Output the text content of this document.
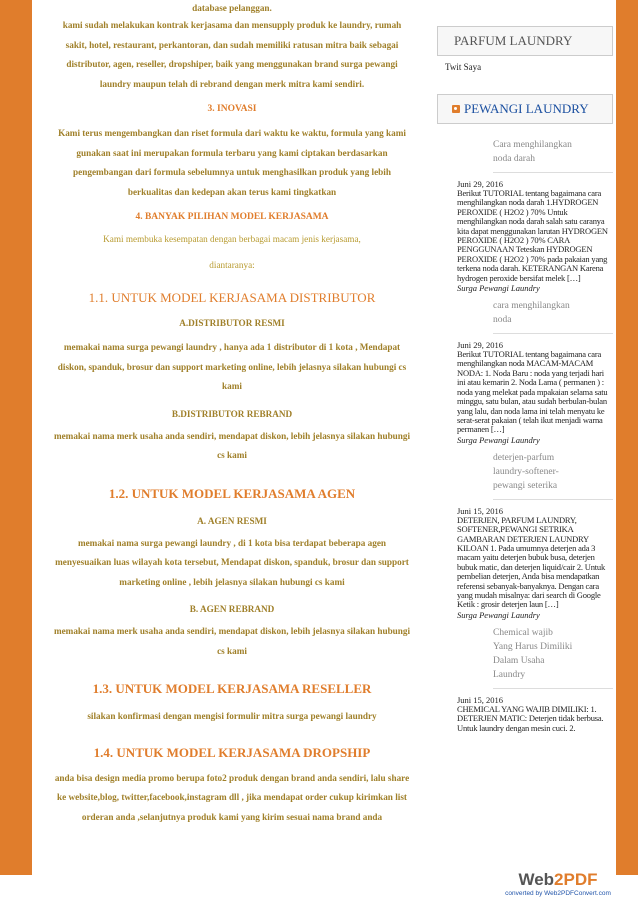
database pelanggan.

kami sudah melakukan kontrak kerjasama dan mensupply produk ke laundry, rumah sakit, hotel, restaurant, perkantoran, dan sudah memiliki ratusan mitra baik sebagai distributor, agen, reseller, dropshiper, baik yang menggunakan brand surga pewangi laundry maupun telah di rebrand dengan merk mitra kami sendiri.

3. INOVASI

Kami terus mengembangkan dan riset formula dari waktu ke waktu, formula yang kami gunakan saat ini merupakan formula terbaru yang kami ciptakan berdasarkan pengembangan dari formula sebelumnya untuk menghasilkan produk yang lebih berkualitas dan kedepan akan terus kami tingkatkan

4. BANYAK PILIHAN MODEL KERJASAMA

Kami membuka kesempatan dengan berbagai macam jenis kerjasama,

diantaranya:

1.1. UNTUK MODEL KERJASAMA DISTRIBUTOR

A.DISTRIBUTOR RESMI

memakai nama surga pewangi laundry , hanya ada 1 distributor di 1 kota , Mendapat diskon, spanduk, brosur dan support marketing online, lebih jelasnya silakan hubungi cs kami

B.DISTRIBUTOR REBRAND

memakai nama merk usaha anda sendiri, mendapat diskon, lebih jelasnya silakan hubungi cs kami

1.2. UNTUK MODEL KERJASAMA AGEN

A. AGEN RESMI

memakai nama surga pewangi laundry , di 1 kota bisa terdapat beberapa agen menyesuaikan luas wilayah kota tersebut, Mendapat diskon, spanduk, brosur dan support marketing online , lebih jelasnya silakan hubungi cs kami

B. AGEN REBRAND

memakai nama merk usaha anda sendiri, mendapat diskon, lebih jelasnya silakan hubungi cs kami

1.3. UNTUK MODEL KERJASAMA RESELLER

silakan konfirmasi dengan mengisi formulir mitra surga pewangi laundry

1.4. UNTUK MODEL KERJASAMA DROPSHIP

anda bisa design media promo berupa foto2 produk dengan brand anda sendiri, lalu share ke website,blog, twitter,facebook,instagram dll , jika mendapat order cukup kirimkan list orderan anda ,selanjutnya produk kami yang kirim sesuai nama brand anda

PARFUM LAUNDRY
Twit Saya
PEWANGI LAUNDRY
Cara menghilangkan noda darah
Juni 29, 2016
Berikut TUTORIAL tentang bagaimana cara menghilangkan noda darah 1.HYDROGEN PEROXIDE ( H2O2 ) 70% Untuk menghilangkan noda darah salah satu caranya kita dapat menggunakan larutan HYDROGEN PEROXIDE ( H2O2 ) 70% CARA PENGGUNAAN Teteskan HYDROGEN PEROXIDE ( H2O2 ) 70% pada pakaian yang terkena noda darah. KETERANGAN Karena hydrogen peroxide bersifat melek […]
Surga Pewangi Laundry
cara menghilangkan noda
Juni 29, 2016
Berikut TUTORIAL tentang bagaimana cara menghilangkan noda MACAM-MACAM NODA: 1. Noda Baru : noda yang terjadi hari ini atau kemarin 2. Noda Lama ( permanen ) : noda yang melekat pada mpakaian selama satu minggu, satu bulan, atau sudah berbulan-bulan yang lalu, dan noda lama ini telah menyatu ke serat-serat pakaian ( telah ikut menjadi warna permanen […]
Surga Pewangi Laundry
deterjen-parfum laundry-softener-pewangi seterika
Juni 15, 2016
DETERJEN, PARFUM LAUNDRY, SOFTENER,PEWANGI SETRIKA GAMBARAN DETERJEN LAUNDRY KILOAN 1. Pada umumnya deterjen ada 3 macam yaitu deterjen bubuk busa, deterjen bubuk matic, dan deterjen liquid/cair 2. Untuk pembelian deterjen, Anda bisa mendapatkan referensi sebanyak-banyaknya. Dengan cara yang mudah misalnya: dari search di Google Ketik : grosir deterjen laun […]
Surga Pewangi Laundry
Chemical wajib Yang Harus Dimiliki Dalam Usaha Laundry
Juni 15, 2016
CHEMICAL YANG WAJIB DIMILIKI: 1. DETERJEN MATIC: Deterjen tidak berbusa. Untuk laundry dengan mesin cuci. 2.
Web2PDF
converted by Web2PDFConvert.com
